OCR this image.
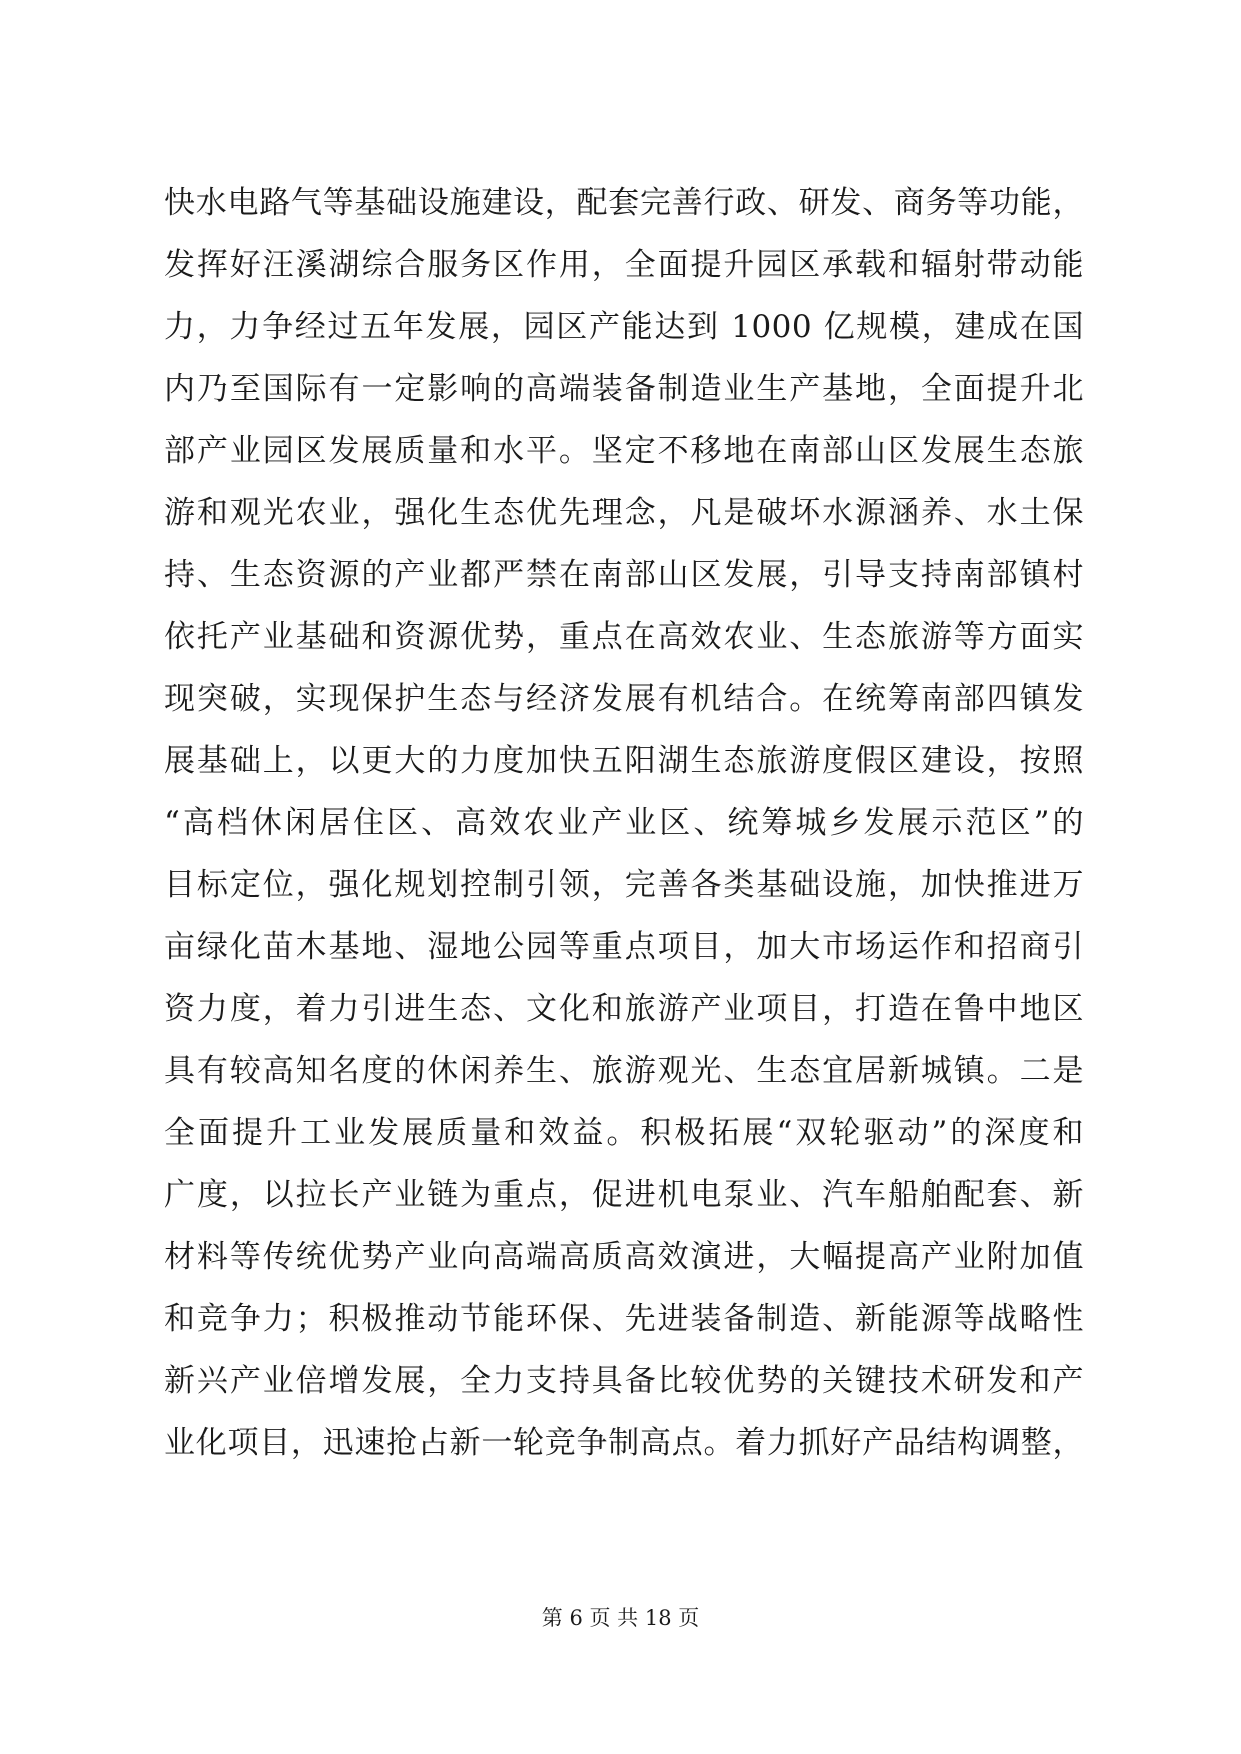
快水电路气等基础设施建设，配套完善行政、研发、商务等功能，
发挥好汪溪湖综合服务区作用，全面提升园区承载和辐射带动能
力，力争经过五年发展，园区产能达到 1000 亿规模，建成在国
内乃至国际有一定影响的高端装备制造业生产基地，全面提升北
部产业园区发展质量和水平。坚定不移地在南部山区发展生态旅
游和观光农业，强化生态优先理念，凡是破坏水源涵养、水土保
持、生态资源的产业都严禁在南部山区发展，引导支持南部镇村
依托产业基础和资源优势，重点在高效农业、生态旅游等方面实
现突破，实现保护生态与经济发展有机结合。在统筹南部四镇发
展基础上，以更大的力度加快五阳湖生态旅游度假区建设，按照
“高档休闲居住区、高效农业产业区、统筹城乡发展示范区”的
目标定位，强化规划控制引领，完善各类基础设施，加快推进万
亩绿化苗木基地、湿地公园等重点项目，加大市场运作和招商引
资力度，着力引进生态、文化和旅游产业项目，打造在鲁中地区
具有较高知名度的休闲养生、旅游观光、生态宜居新城镇。二是
全面提升工业发展质量和效益。积极拓展“双轮驱动”的深度和
广度，以拉长产业链为重点，促进机电泵业、汽车船舶配套、新
材料等传统优势产业向高端高质高效演进，大幅提高产业附加值
和竞争力；积极推动节能环保、先进装备制造、新能源等战略性
新兴产业倍增发展，全力支持具备比较优势的关键技术研发和产
业化项目，迅速抢占新一轮竞争制高点。着力抓好产品结构调整，
第 6 页 共 18 页
